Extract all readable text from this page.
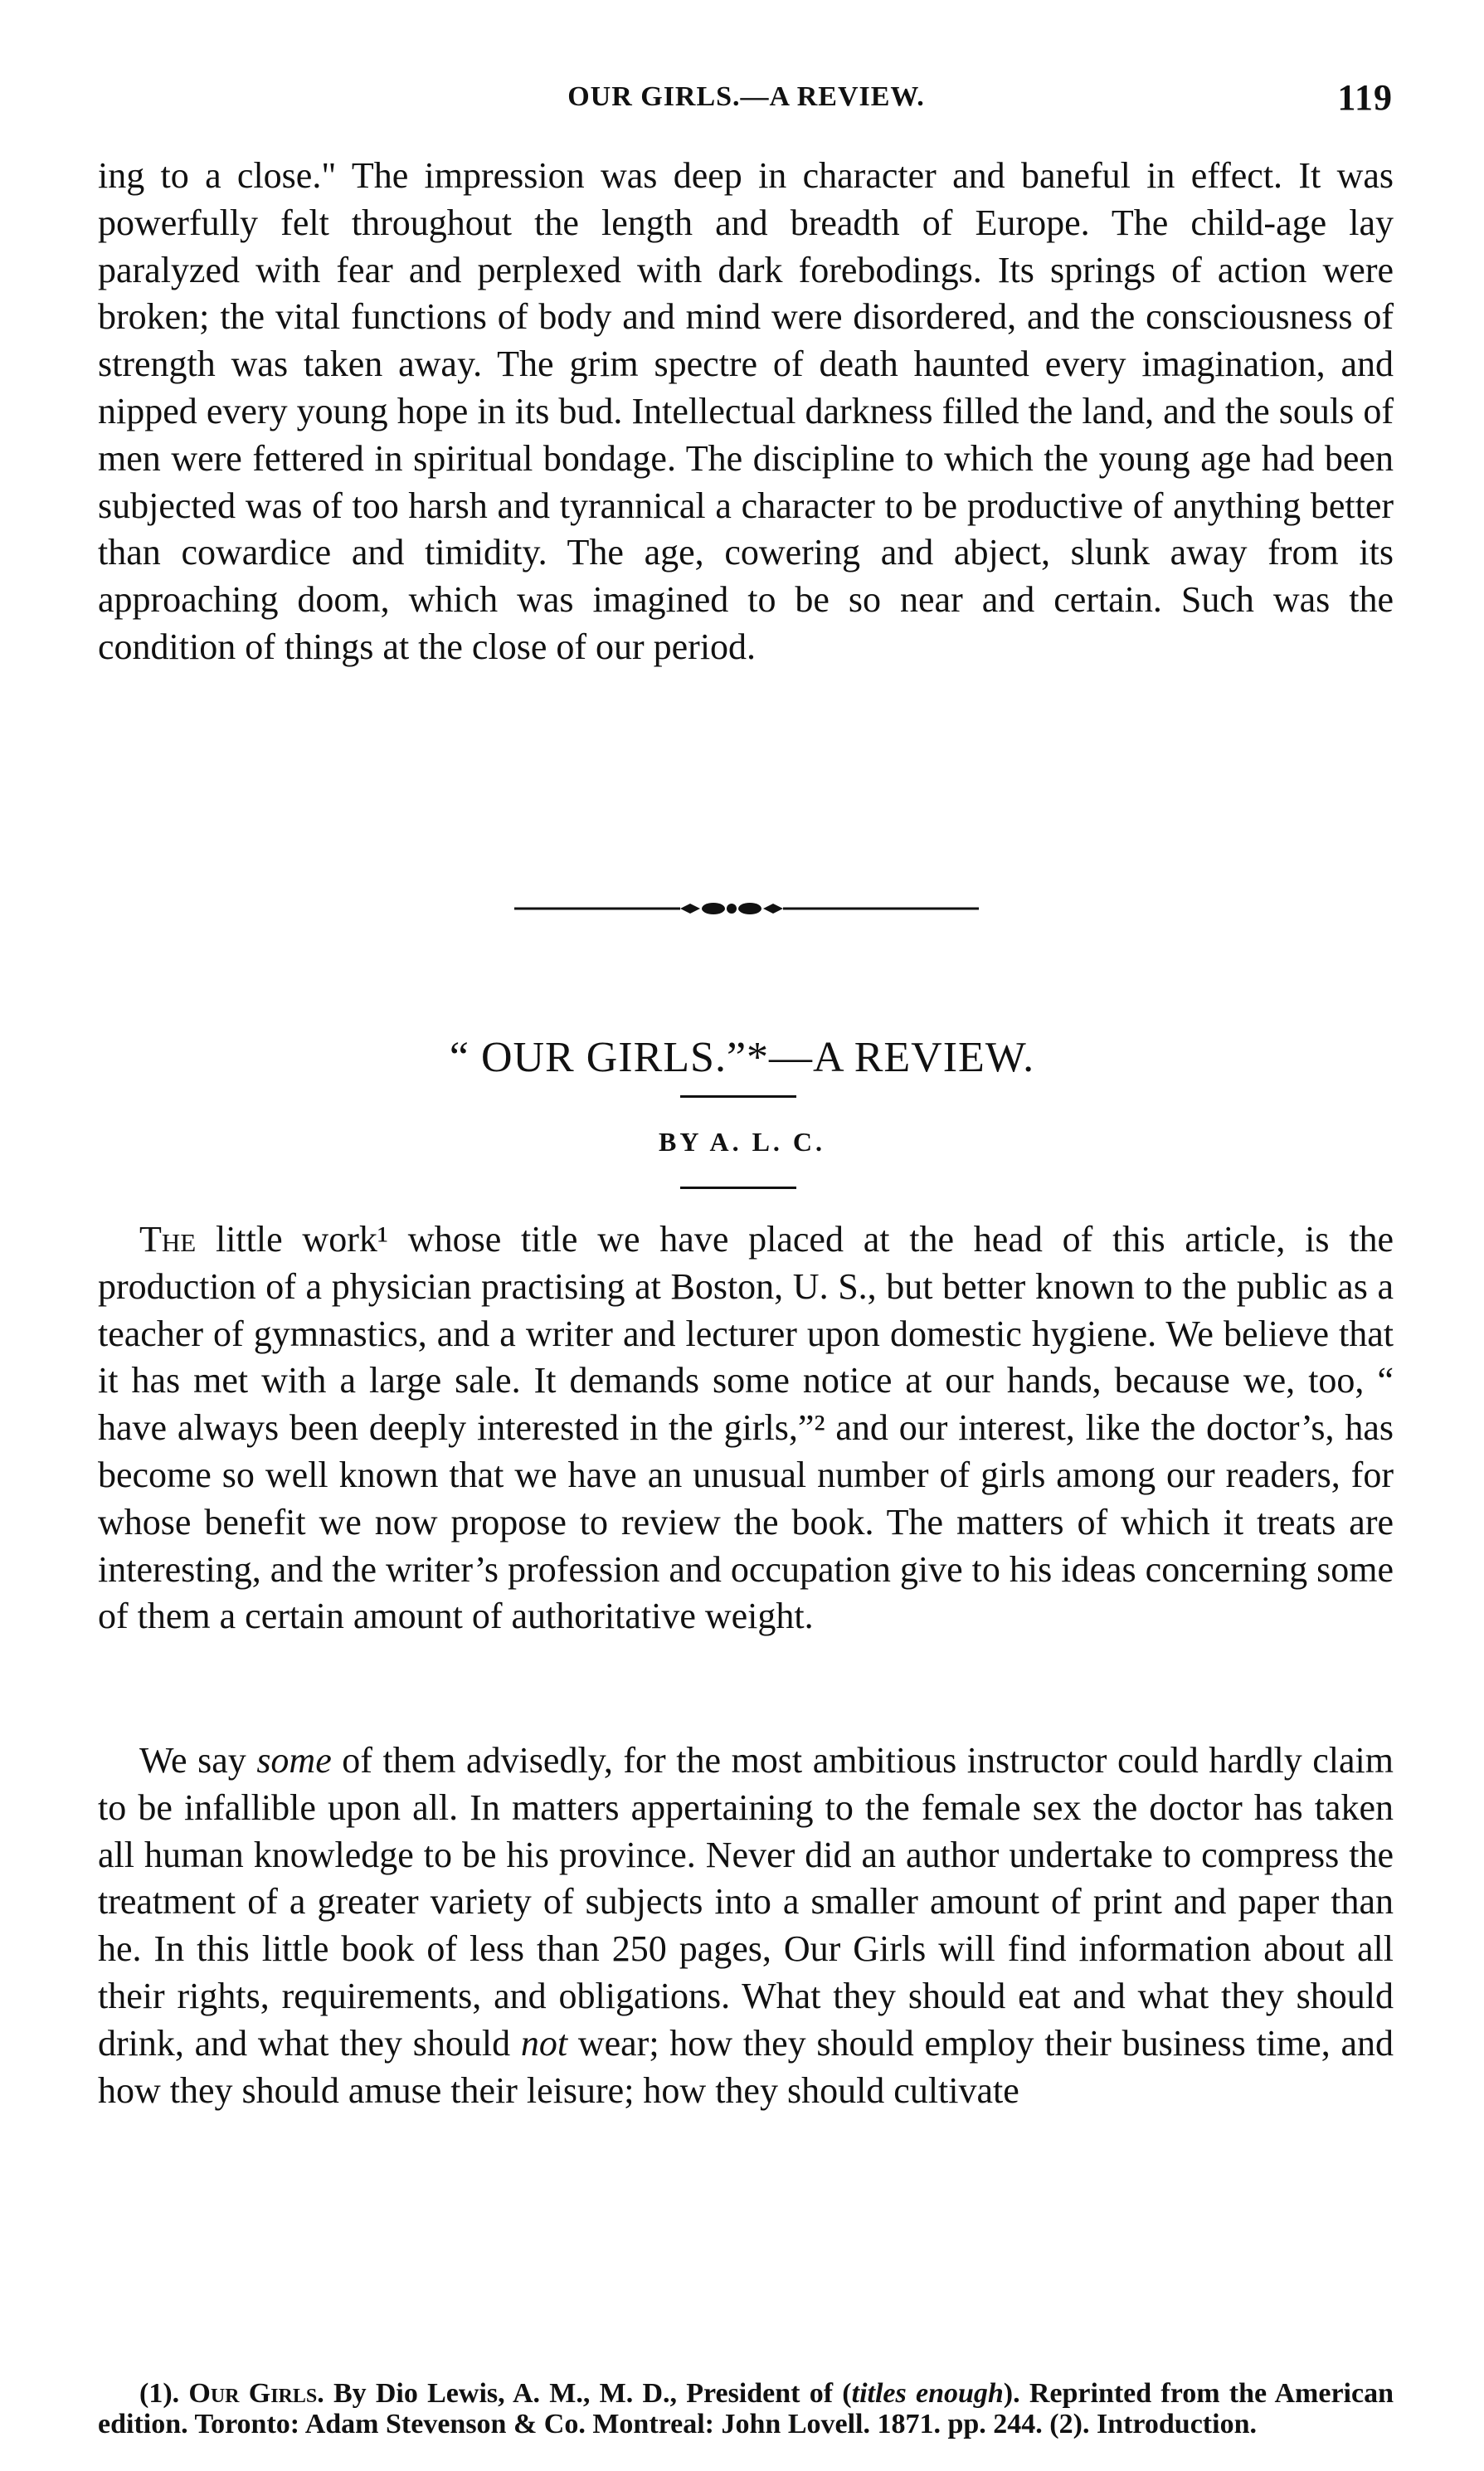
OUR GIRLS.—A REVIEW.	119

ing to a close." The impression was deep in character and baneful in effect. It was powerfully felt throughout the length and breadth of Europe. The child-age lay paralyzed with fear and perplexed with dark forebodings. Its springs of action were broken; the vital functions of body and mind were disordered, and the consciousness of strength was taken away. The grim spectre of death haunted every imagination, and nipped every young hope in its bud. Intellectual darkness filled the land, and the souls of men were fettered in spiritual bondage. The discipline to which the young age had been subjected was of too harsh and tyrannical a character to be productive of anything better than cowardice and timidity. The age, cowering and abject, slunk away from its approaching doom, which was imagined to be so near and certain. Such was the condition of things at the close of our period.

“ OUR GIRLS.”*—A REVIEW.
BY A. L. C.

The little work¹ whose title we have placed at the head of this article, is the production of a physician practising at Boston, U. S., but better known to the public as a teacher of gymnastics, and a writer and lecturer upon domestic hygiene. We believe that it has met with a large sale. It demands some notice at our hands, because we, too, “ have always been deeply interested in the girls,”² and our interest, like the doctor’s, has become so well known that we have an unusual number of girls among our readers, for whose benefit we now propose to review the book. The matters of which it treats are interesting, and the writer’s profession and occupation give to his ideas concerning some of them a certain amount of authoritative weight.

We say some of them advisedly, for the most ambitious instructor could hardly claim to be infallible upon all. In matters appertaining to the female sex the doctor has taken all human knowledge to be his province. Never did an author undertake to compress the treatment of a greater variety of subjects into a smaller amount of print and paper than he. In this little book of less than 250 pages, Our Girls will find information about all their rights, requirements, and obligations. What they should eat and what they should drink, and what they should not wear; how they should employ their business time, and how they should amuse their leisure; how they should cultivate

(1). Our Girls. By Dio Lewis, A. M., M. D., President of (titles enough). Reprinted from the American edition. Toronto: Adam Stevenson & Co. Montreal: John Lovell. 1871. pp. 244. (2). Introduction.
